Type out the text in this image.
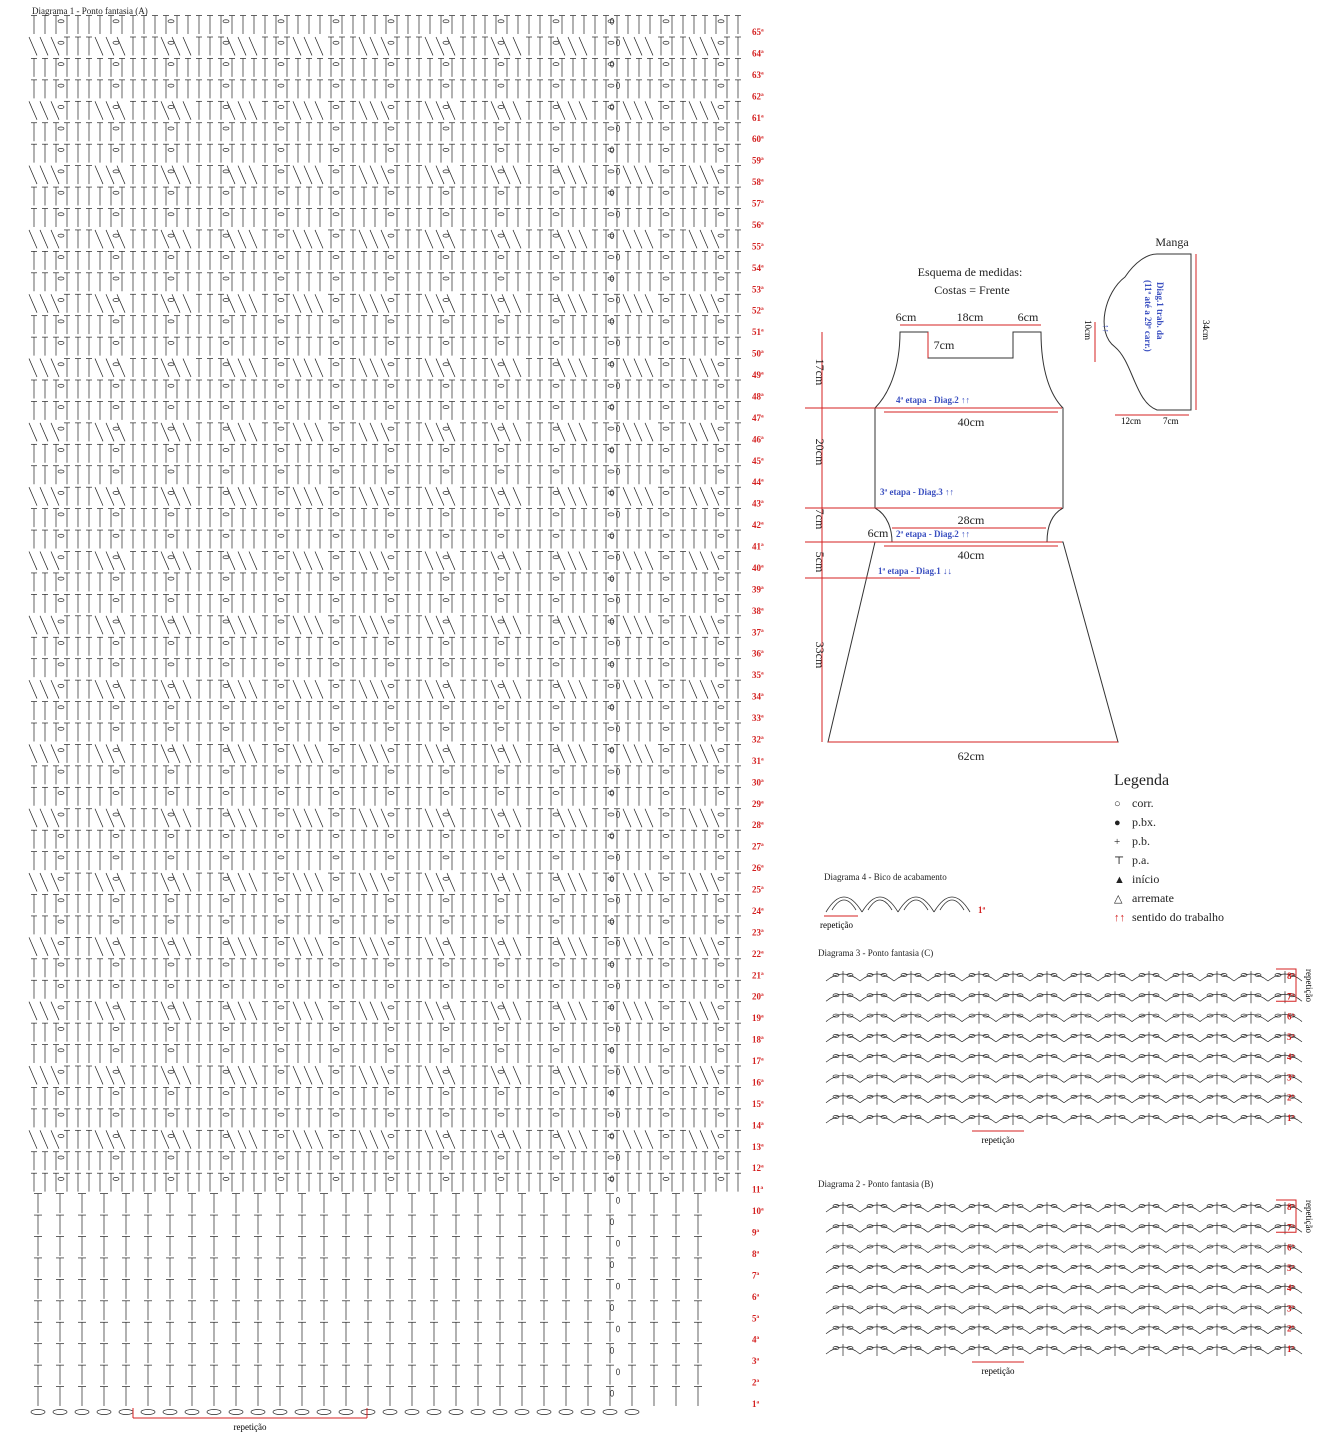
Diagrama 1 - Ponto fantasia (A)
1ª
2ª
3ª
4ª
5ª
6ª
7ª
8ª
9ª
10ª
11ª
12ª
13ª
14ª
15ª
16ª
17ª
18ª
19ª
20ª
21ª
22ª
23ª
24ª
25ª
26ª
27ª
28ª
29ª
30ª
31ª
32ª
33ª
34ª
35ª
36ª
37ª
38ª
39ª
40ª
41ª
42ª
43ª
44ª
45ª
46ª
47ª
48ª
49ª
50ª
51ª
52ª
53ª
54ª
55ª
56ª
57ª
58ª
59ª
60ª
61ª
62ª
63ª
64ª
65ª
repetição
Esquema de medidas:
Costas = Frente
6cm	18cm	6cm
7cm
17cm
20cm
7cm
5cm
33cm
40cm
28cm
40cm
6cm
62cm
4ª etapa - Diag.2 ↑↑
3ª etapa - Diag.3 ↑↑
2ª etapa - Diag.2 ↑↑
1ª etapa - Diag.1 ↓↓
Manga
Diag.1 trab. da
(11ª até a 29ª carr.)
↑↑
10cm	34cm
12cm 7cm
Legenda
○ corr.
● p.bx.
+ p.b.
⊤ p.a.
▲ início
△ arremate
↑↑ sentido do trabalho
Diagrama 4 - Bico de acabamento
repetição
1ª
Diagrama 3 - Ponto fantasia (C)
8ª
7ª
6ª
5ª
4ª
3ª
2ª
1ª
repetição
repetição
Diagrama 2 - Ponto fantasia (B)
8ª
7ª
6ª
5ª
4ª
3ª
2ª
1ª
repetição
repetição
